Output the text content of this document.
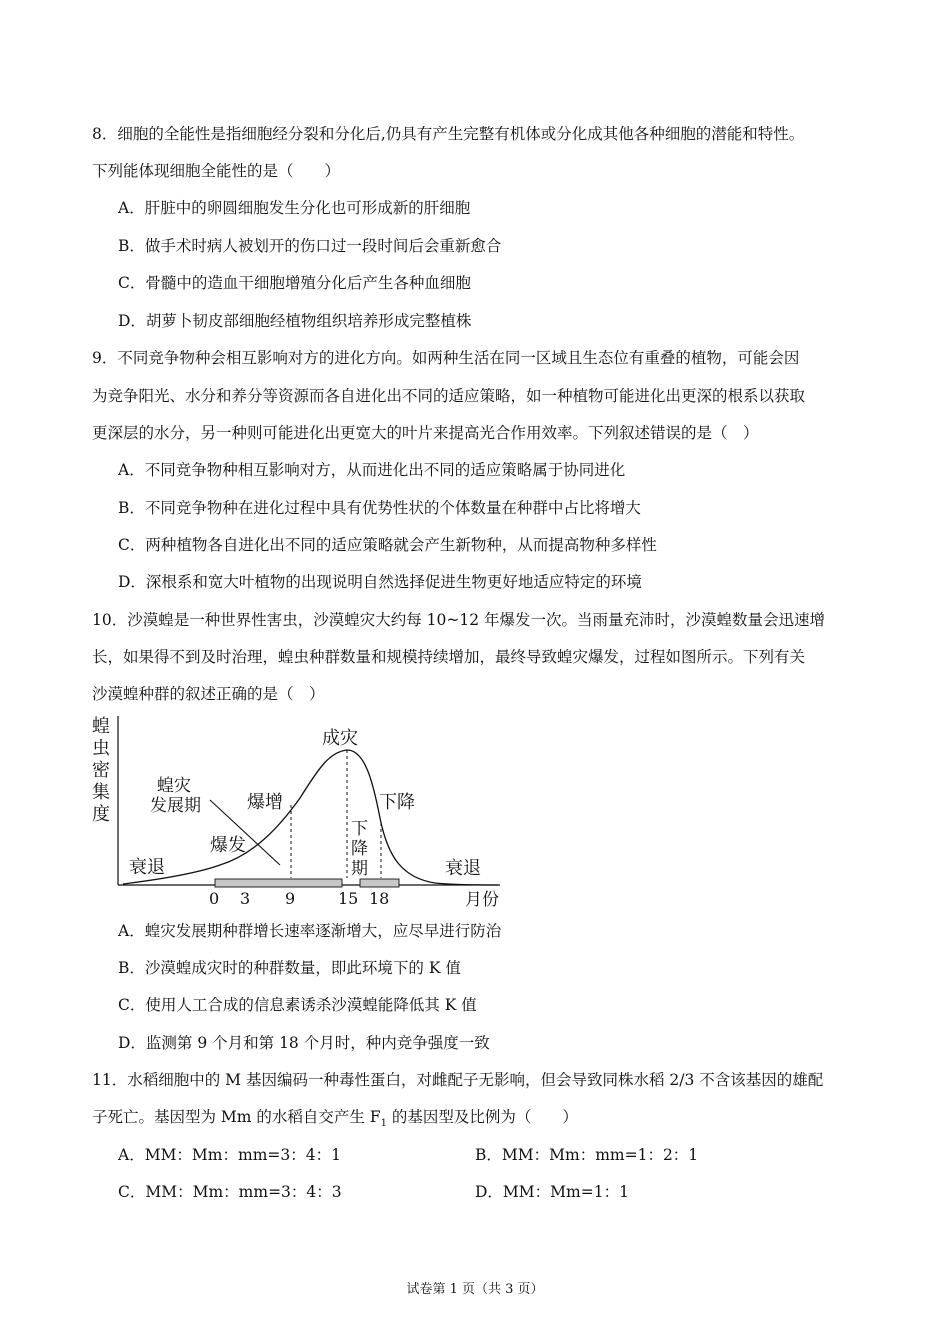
8．细胞的全能性是指细胞经分裂和分化后,仍具有产生完整有机体或分化成其他各种细胞的潜能和特性。
下列能体现细胞全能性的是（　　）
A．肝脏中的卵圆细胞发生分化也可形成新的肝细胞
B．做手术时病人被划开的伤口过一段时间后会重新愈合
C．骨髓中的造血干细胞增殖分化后产生各种血细胞
D．胡萝卜韧皮部细胞经植物组织培养形成完整植株
9．不同竞争物种会相互影响对方的进化方向。如两种生活在同一区域且生态位有重叠的植物，可能会因
为竞争阳光、水分和养分等资源而各自进化出不同的适应策略，如一种植物可能进化出更深的根系以获取
更深层的水分，另一种则可能进化出更宽大的叶片来提高光合作用效率。下列叙述错误的是（　）
A．不同竞争物种相互影响对方，从而进化出不同的适应策略属于协同进化
B．不同竞争物种在进化过程中具有优势性状的个体数量在种群中占比将增大
C．两种植物各自进化出不同的适应策略就会产生新物种，从而提高物种多样性
D．深根系和宽大叶植物的出现说明自然选择促进生物更好地适应特定的环境
10．沙漠蝗是一种世界性害虫，沙漠蝗灾大约每 10~12 年爆发一次。当雨量充沛时，沙漠蝗数量会迅速增
长，如果得不到及时治理，蝗虫种群数量和规模持续增加，最终导致蝗灾爆发，过程如图所示。下列有关
沙漠蝗种群的叙述正确的是（　）
蝗
虫
密
集
度
衰退
蝗灾
发展期
爆发
爆增
成灾
下降
下
降
期	衰退
0 3 9	15 18	月份
A．蝗灾发展期种群增长速率逐渐增大，应尽早进行防治
B．沙漠蝗成灾时的种群数量，即此环境下的 K 值
C．使用人工合成的信息素诱杀沙漠蝗能降低其 K 值
D．监测第 9 个月和第 18 个月时，种内竞争强度一致
11．水稻细胞中的 M 基因编码一种毒性蛋白，对雌配子无影响，但会导致同株水稻 2/3 不含该基因的雄配
子死亡。基因型为 Mm 的水稻自交产生 $F_1$ 的基因型及比例为（　　）
A．MM：Mm：mm=3：4：1	B．MM：Mm：mm=1：2：1
C．MM：Mm：mm=3：4：3	D．MM：Mm=1：1
试卷第 1 页（共 3 页）
